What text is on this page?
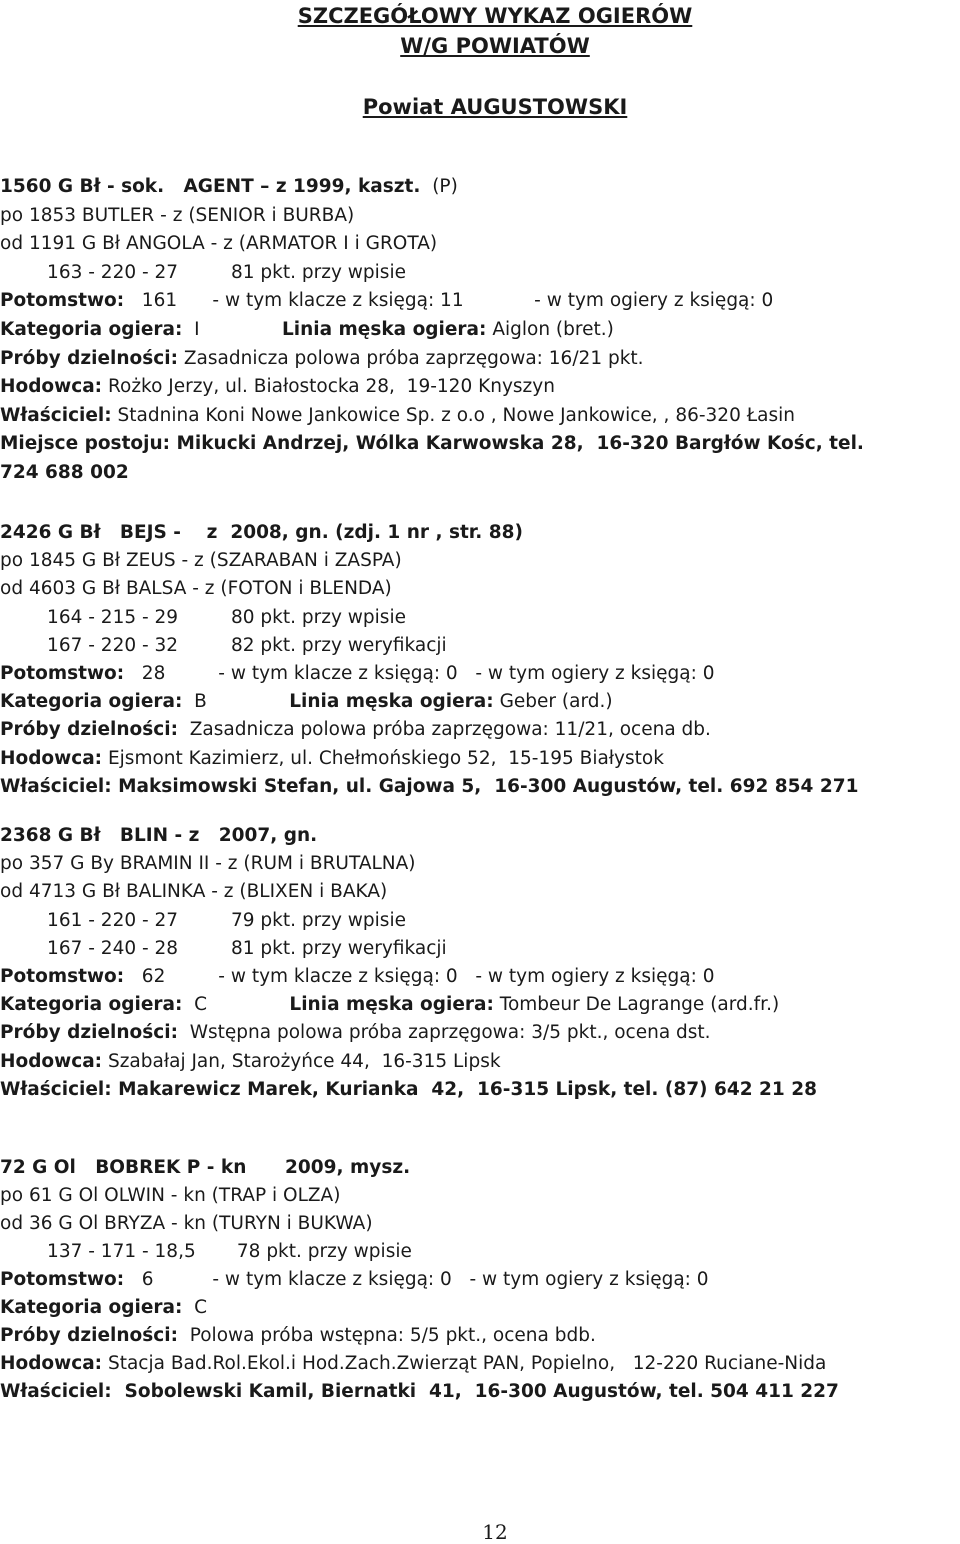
SZCZEGÓŁOWY WYKAZ OGIERÓW
W/G POWIATÓW
Powiat AUGUSTOWSKI
1560 G Bł - sok.   AGENT – z 1999, kaszt.  (P)
po 1853 BUTLER - z (SENIOR i BURBA)
od 1191 G Bł ANGOLA - z (ARMATOR I i GROTA)
163 - 220 - 27         81 pkt. przy wpisie
Potomstwo:   161      - w tym klacze z księgą: 11            - w tym ogiery z księgą: 0
Kategoria ogiera:  I              Linia męska ogiera: Aiglon (bret.)
Próby dzielności: Zasadnicza polowa próba zaprzęgowa: 16/21 pkt.
Hodowca: Rożko Jerzy, ul. Białostocka 28,  19-120 Knyszyn
Właściciel: Stadnina Koni Nowe Jankowice Sp. z o.o , Nowe Jankowice, , 86-320 Łasin
Miejsce postoju: Mikucki Andrzej, Wólka Karwowska 28,  16-320 Bargłów Kośc, tel.
724 688 002
2426 G Bł   BEJS -    z  2008, gn. (zdj. 1 nr , str. 88)
po 1845 G Bł ZEUS - z (SZARABAN i ZASPA)
od 4603 G Bł BALSA - z (FOTON i BLENDA)
164 - 215 - 29         80 pkt. przy wpisie
167 - 220 - 32         82 pkt. przy weryfikacji
Potomstwo:   28         - w tym klacze z księgą: 0   - w tym ogiery z księgą: 0
Kategoria ogiera:  B              Linia męska ogiera: Geber (ard.)
Próby dzielności:  Zasadnicza polowa próba zaprzęgowa: 11/21, ocena db.
Hodowca: Ejsmont Kazimierz, ul. Chełmońskiego 52,  15-195 Białystok
Właściciel: Maksimowski Stefan, ul. Gajowa 5,  16-300 Augustów, tel. 692 854 271
2368 G Bł   BLIN - z   2007, gn.
po 357 G By BRAMIN II - z (RUM i BRUTALNA)
od 4713 G Bł BALINKA - z (BLIXEN i BAKA)
161 - 220 - 27         79 pkt. przy wpisie
167 - 240 - 28         81 pkt. przy weryfikacji
Potomstwo:   62         - w tym klacze z księgą: 0   - w tym ogiery z księgą: 0
Kategoria ogiera:  C              Linia męska ogiera: Tombeur De Lagrange (ard.fr.)
Próby dzielności:  Wstępna polowa próba zaprzęgowa: 3/5 pkt., ocena dst.
Hodowca: Szabałaj Jan, Starożyńce 44,  16-315 Lipsk
Właściciel: Makarewicz Marek, Kurianka  42,  16-315 Lipsk, tel. (87) 642 21 28
72 G Ol   BOBREK P - kn      2009, mysz.
po 61 G Ol OLWIN - kn (TRAP i OLZA)
od 36 G Ol BRYZA - kn (TURYN i BUKWA)
137 - 171 - 18,5       78 pkt. przy wpisie
Potomstwo:   6          - w tym klacze z księgą: 0   - w tym ogiery z księgą: 0
Kategoria ogiera:  C
Próby dzielności:  Polowa próba wstępna: 5/5 pkt., ocena bdb.
Hodowca: Stacja Bad.Rol.Ekol.i Hod.Zach.Zwierząt PAN, Popielno,   12-220 Ruciane-Nida
Właściciel:  Sobolewski Kamil, Biernatki  41,  16-300 Augustów, tel. 504 411 227
12
